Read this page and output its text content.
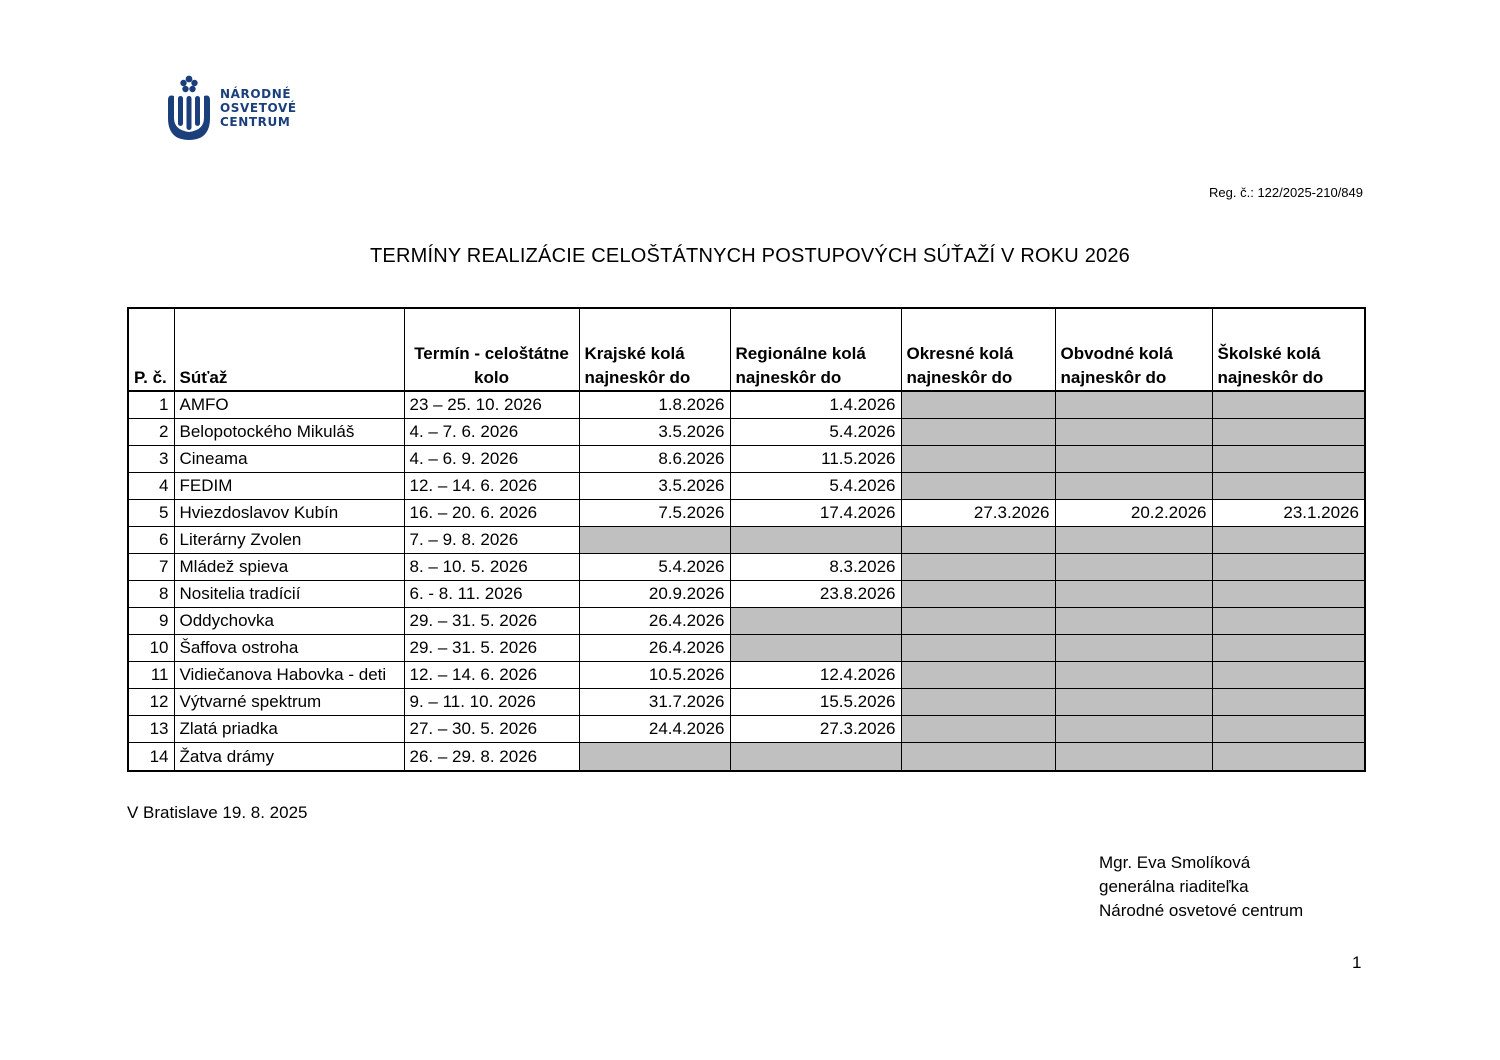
NÁRODNÉ
OSVETOVÉ
CENTRUM
Reg. č.: 122/2025-210/849
TERMÍNY REALIZÁCIE CELOŠTÁTNYCH POSTUPOVÝCH SÚŤAŽÍ V ROKU 2026
P. č.	Súťaž	Termín - celoštátne kolo	Krajské kolá najneskôr do	Regionálne kolá najneskôr do	Okresné kolá najneskôr do	Obvodné kolá najneskôr do	Školské kolá najneskôr do
1	AMFO	23 – 25. 10. 2026	1.8.2026	1.4.2026			
2	Belopotockého Mikuláš	4. – 7. 6. 2026	3.5.2026	5.4.2026			
3	Cineama	4. – 6. 9. 2026	8.6.2026	11.5.2026			
4	FEDIM	12. – 14. 6. 2026	3.5.2026	5.4.2026			
5	Hviezdoslavov Kubín	16. – 20. 6. 2026	7.5.2026	17.4.2026	27.3.2026	20.2.2026	23.1.2026
6	Literárny Zvolen	7. – 9. 8. 2026					
7	Mládež spieva	8. – 10. 5. 2026	5.4.2026	8.3.2026			
8	Nositelia tradícií	6. - 8. 11. 2026	20.9.2026	23.8.2026			
9	Oddychovka	29. – 31. 5. 2026	26.4.2026				
10	Šaffova ostroha	29. – 31. 5. 2026	26.4.2026				
11	Vidiečanova Habovka - deti	12. – 14. 6. 2026	10.5.2026	12.4.2026			
12	Výtvarné spektrum	9. – 11. 10. 2026	31.7.2026	15.5.2026			
13	Zlatá priadka	27. – 30. 5. 2026	24.4.2026	27.3.2026			
14	Žatva drámy	26. – 29. 8. 2026					
V Bratislave 19. 8. 2025
Mgr. Eva Smolíková
generálna riaditeľka
Národné osvetové centrum
1
